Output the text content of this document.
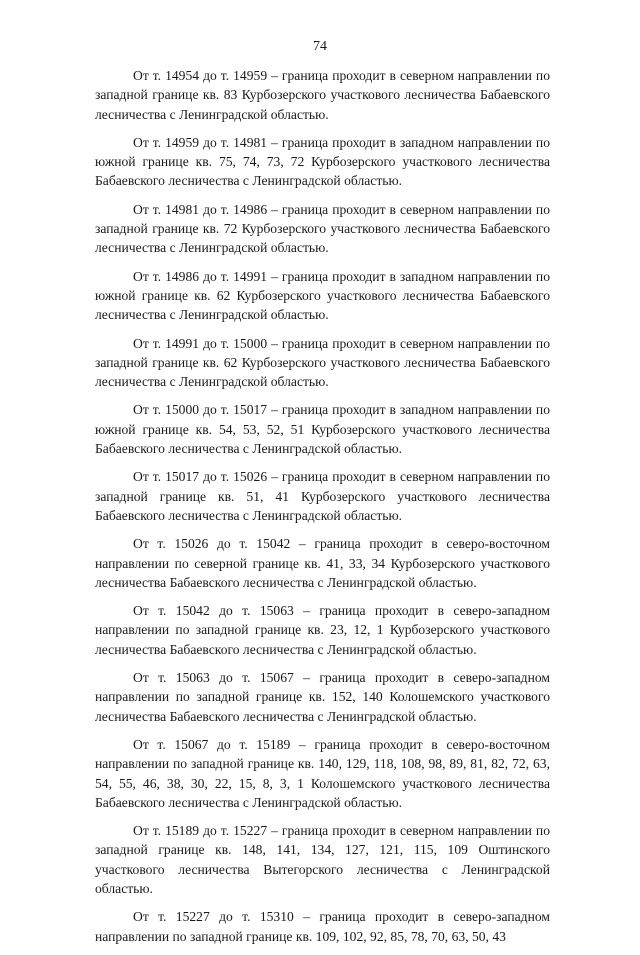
74

От т. 14954 до т. 14959 – граница проходит в северном направлении по западной границе кв. 83 Курбозерского участкового лесничества Бабаевского лесничества с Ленинградской областью.

От т. 14959 до т. 14981 – граница проходит в западном направлении по южной границе кв. 75, 74, 73, 72 Курбозерского участкового лесничества Бабаевского лесничества с Ленинградской областью.

От т. 14981 до т. 14986 – граница проходит в северном направлении по западной границе кв. 72 Курбозерского участкового лесничества Бабаевского лесничества с Ленинградской областью.

От т. 14986 до т. 14991 – граница проходит в западном направлении по южной границе кв. 62 Курбозерского участкового лесничества Бабаевского лесничества с Ленинградской областью.

От т. 14991 до т. 15000 – граница проходит в северном направлении по западной границе кв. 62 Курбозерского участкового лесничества Бабаевского лесничества с Ленинградской областью.

От т. 15000 до т. 15017 – граница проходит в западном направлении по южной границе кв. 54, 53, 52, 51 Курбозерского участкового лесничества Бабаевского лесничества с Ленинградской областью.

От т. 15017 до т. 15026 – граница проходит в северном направлении по западной границе кв. 51, 41 Курбозерского участкового лесничества Бабаевского лесничества с Ленинградской областью.

От т. 15026 до т. 15042 – граница проходит в северо-восточном направлении по северной границе кв. 41, 33, 34 Курбозерского участкового лесничества Бабаевского лесничества с Ленинградской областью.

От т. 15042 до т. 15063 – граница проходит в северо-западном направлении по западной границе кв. 23, 12, 1 Курбозерского участкового лесничества Бабаевского лесничества с Ленинградской областью.

От т. 15063 до т. 15067 – граница проходит в северо-западном направлении по западной границе кв. 152, 140 Колошемского участкового лесничества Бабаевского лесничества с Ленинградской областью.

От т. 15067 до т. 15189 – граница проходит в северо-восточном направлении по западной границе кв. 140, 129, 118, 108, 98, 89, 81, 82, 72, 63, 54, 55, 46, 38, 30, 22, 15, 8, 3, 1 Колошемского участкового лесничества Бабаевского лесничества с Ленинградской областью.

От т. 15189 до т. 15227 – граница проходит в северном направлении по западной границе кв. 148, 141, 134, 127, 121, 115, 109 Оштинского участкового лесничества Вытегорского лесничества с Ленинградской областью.

От т. 15227 до т. 15310 – граница проходит в северо-западном направлении по западной границе кв. 109, 102, 92, 85, 78, 70, 63, 50, 43
